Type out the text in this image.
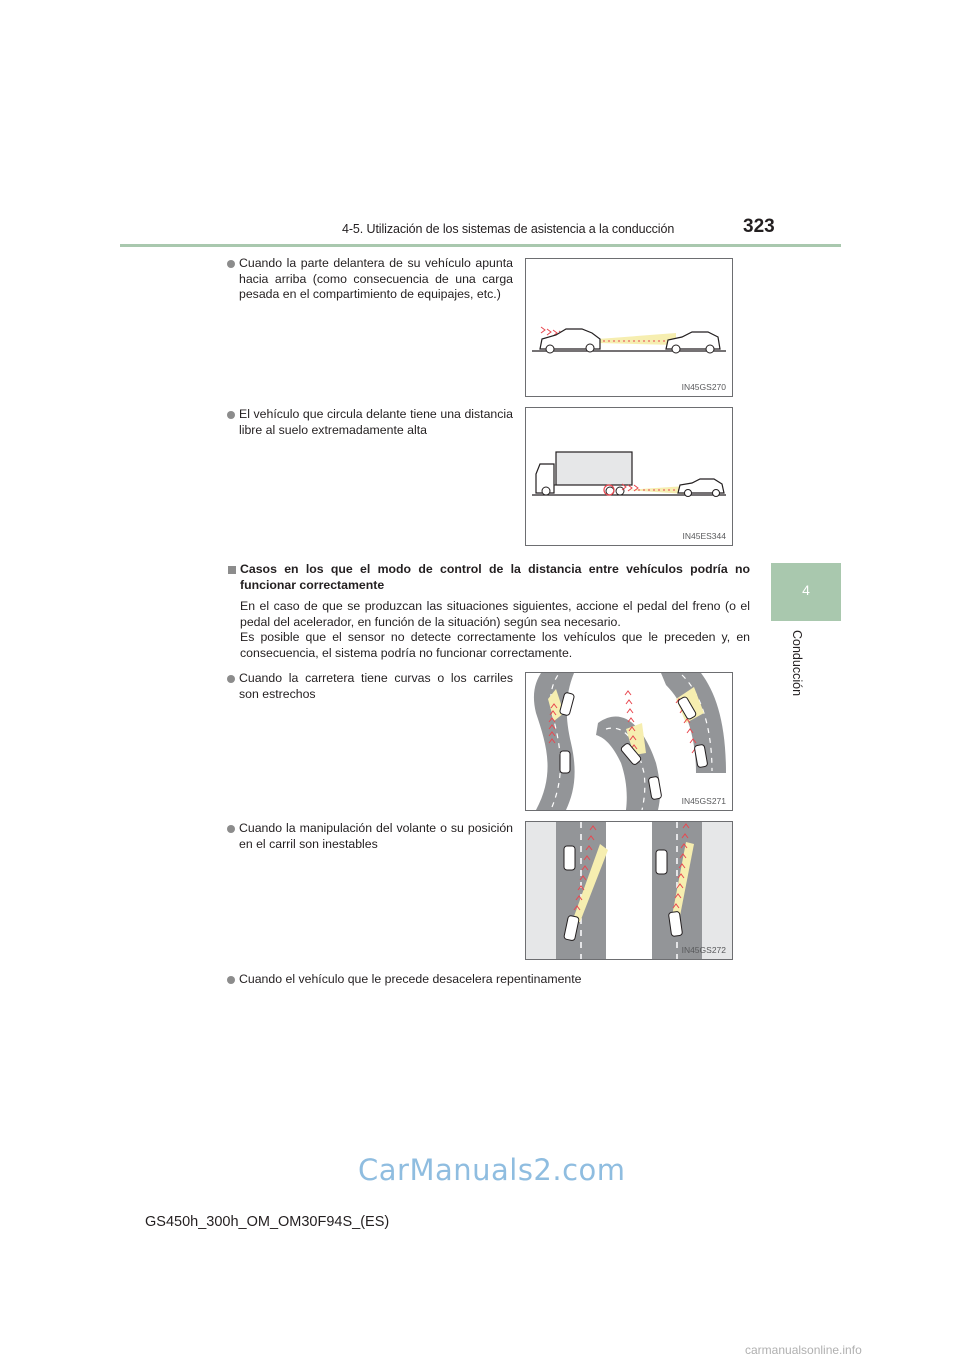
4-5. Utilización de los sistemas de asistencia a la conducción	323
4
Conducción
Cuando la parte delantera de su vehículo apunta hacia arriba (como consecuencia de una carga pesada en el compartimiento de equipajes, etc.)
IN45GS270
El vehículo que circula delante tiene una distancia libre al suelo extremadamente alta
IN45ES344
Casos en los que el modo de control de la distancia entre vehículos podría no funcionar correctamente
En el caso de que se produzcan las situaciones siguientes, accione el pedal del freno (o el pedal del acelerador, en función de la situación) según sea necesario.
Es posible que el sensor no detecte correctamente los vehículos que le preceden y, en consecuencia, el sistema podría no funcionar correctamente.
Cuando la carretera tiene curvas o los carriles son estrechos
IN45GS271
Cuando la manipulación del volante o su posición en el carril son inestables
IN45GS272
Cuando el vehículo que le precede desacelera repentinamente
CarManuals2.com
GS450h_300h_OM_OM30F94S_(ES)
carmanualsonline.info
